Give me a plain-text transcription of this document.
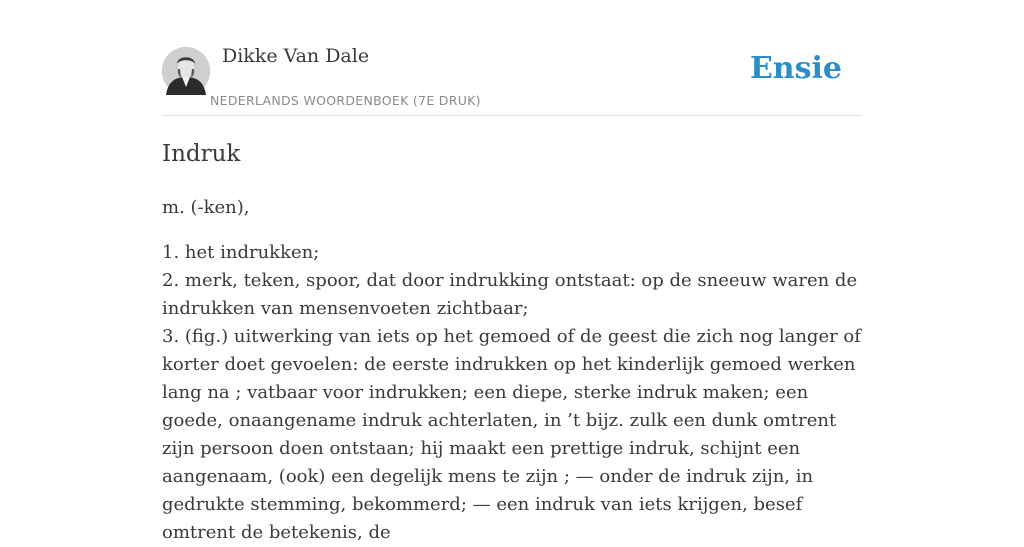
Dikke Van Dale
NEDERLANDS WOORDENBOEK (7E DRUK)
Ensie
Indruk
m. (-ken),

1. het indrukken;

2. merk, teken, spoor, dat door indrukking ontstaat: op de sneeuw waren de indrukken van mensenvoeten zichtbaar;

3. (fig.) uitwerking van iets op het gemoed of de geest die zich nog langer of korter doet gevoelen: de eerste indrukken op het kinderlijk gemoed werken lang na ; vatbaar voor indrukken; een diepe, sterke indruk maken; een goede, onaangename indruk achterlaten, in ’t bijz. zulk een dunk omtrent zijn persoon doen ontstaan; hij maakt een prettige indruk, schijnt een aangenaam, (ook) een degelijk mens te zijn ; — onder de indruk zijn, in gedrukte stemming, bekommerd; — een indruk van iets krijgen, besef omtrent de betekenis, de
